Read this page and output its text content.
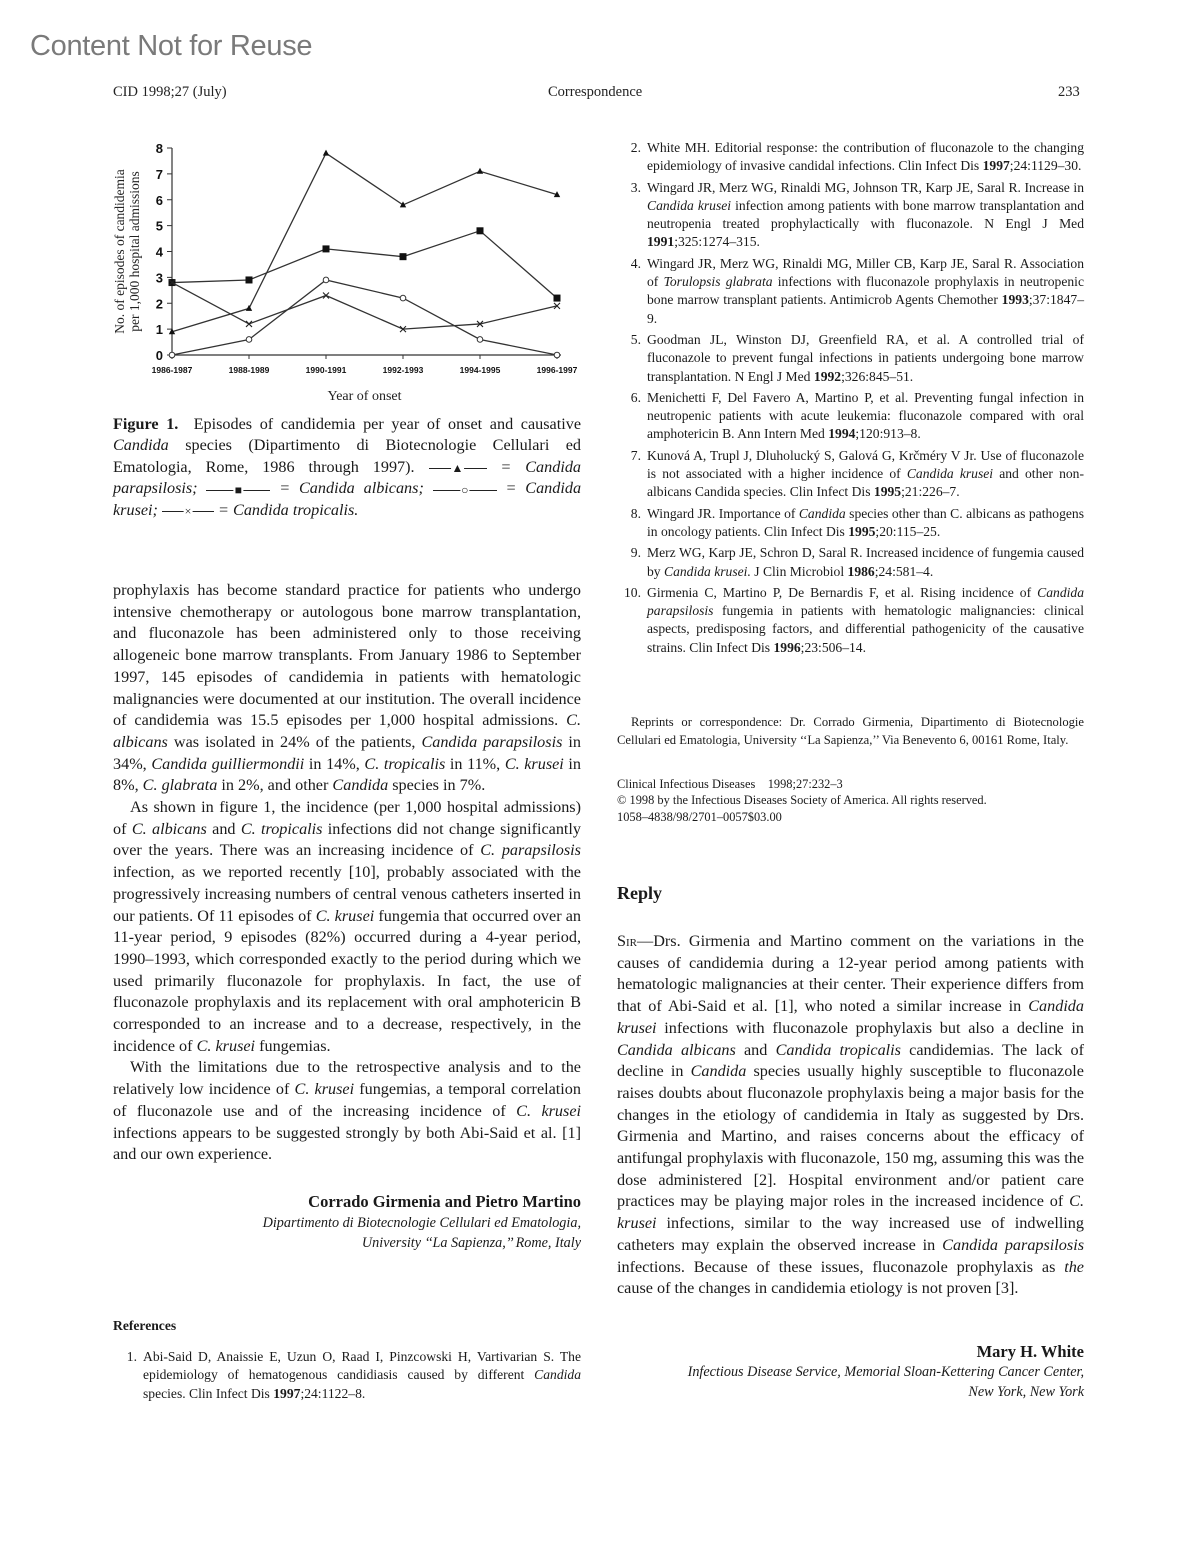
Content Not for Reuse
CID 1998;27 (July)	Correspondence	233
0
1
2
3
4
5
6
7
8
1986-1987	1988-1989	1990-1991	1992-1993	1994-1995	1996-1997
Year of onset
No. of episodes of candidemiaper 1,000 hospital admissions
Figure 1. Episodes of candidemia per year of onset and causative Candida species (Dipartimento di Biotecnologie Cellulari ed Ematologia, Rome, 1986 through 1997).	▲ = Candida parapsilosis;	■ = Candida albicans;	○ = Candida krusei; × = Candida tropicalis.

prophylaxis has become standard practice for patients who undergo intensive chemotherapy or autologous bone marrow transplantation, and fluconazole has been administered only to those receiving allogeneic bone marrow transplants. From January 1986 to September 1997, 145 episodes of candidemia in patients with hematologic malignancies were documented at our institution. The overall incidence of candidemia was 15.5 episodes per 1,000 hospital admissions. C. albicans was isolated in 24% of the patients, Candida parapsilosis in 34%, Candida guilliermondii in 14%, C. tropicalis in 11%, C. krusei in 8%, C. glabrata in 2%, and other Candida species in 7%.

As shown in figure 1, the incidence (per 1,000 hospital admissions) of C. albicans and C. tropicalis infections did not change significantly over the years. There was an increasing incidence of C. parapsilosis infection, as we reported recently [10], probably associated with the progressively increasing numbers of central venous catheters inserted in our patients. Of 11 episodes of C. krusei fungemia that occurred over an 11-year period, 9 episodes (82%) occurred during a 4-year period, 1990–1993, which corresponded exactly to the period during which we used primarily fluconazole for prophylaxis. In fact, the use of fluconazole prophylaxis and its replacement with oral amphotericin B corresponded to an increase and to a decrease, respectively, in the incidence of C. krusei fungemias.

With the limitations due to the retrospective analysis and to the relatively low incidence of C. krusei fungemias, a temporal correlation of fluconazole use and of the increasing incidence of C. krusei infections appears to be suggested strongly by both Abi-Said et al. [1] and our own experience.

Corrado Girmenia and Pietro Martino
Dipartimento di Biotecnologie Cellulari ed Ematologia,
University ‘‘La Sapienza,’’ Rome, Italy
References
1. Abi-Said D, Anaissie E, Uzun O, Raad I, Pinzcowski H, Vartivarian S. The epidemiology of hematogenous candidiasis caused by different Candida species. Clin Infect Dis 1997;24:1122–8.
2. White MH. Editorial response: the contribution of fluconazole to the changing epidemiology of invasive candidal infections. Clin Infect Dis 1997;24:1129–30.
3. Wingard JR, Merz WG, Rinaldi MG, Johnson TR, Karp JE, Saral R. Increase in Candida krusei infection among patients with bone marrow transplantation and neutropenia treated prophylactically with fluconazole. N Engl J Med 1991;325:1274–315.
4. Wingard JR, Merz WG, Rinaldi MG, Miller CB, Karp JE, Saral R. Association of Torulopsis glabrata infections with fluconazole prophylaxis in neutropenic bone marrow transplant patients. Antimicrob Agents Chemother 1993;37:1847–9.
5. Goodman JL, Winston DJ, Greenfield RA, et al. A controlled trial of fluconazole to prevent fungal infections in patients undergoing bone marrow transplantation. N Engl J Med 1992;326:845–51.
6. Menichetti F, Del Favero A, Martino P, et al. Preventing fungal infection in neutropenic patients with acute leukemia: fluconazole compared with oral amphotericin B. Ann Intern Med 1994;120:913–8.
7. Kunová A, Trupl J, Dluholucký S, Galová G, Krčméry V Jr. Use of fluconazole is not associated with a higher incidence of Candida krusei and other non-albicans Candida species. Clin Infect Dis 1995;21:226–7.
8. Wingard JR. Importance of Candida species other than C. albicans as pathogens in oncology patients. Clin Infect Dis 1995;20:115–25.
9. Merz WG, Karp JE, Schron D, Saral R. Increased incidence of fungemia caused by Candida krusei. J Clin Microbiol 1986;24:581–4.
10. Girmenia C, Martino P, De Bernardis F, et al. Rising incidence of Candida parapsilosis fungemia in patients with hematologic malignancies: clinical aspects, predisposing factors, and differential pathogenicity of the causative strains. Clin Infect Dis 1996;23:506–14.
Reprints or correspondence: Dr. Corrado Girmenia, Dipartimento di Biotecnologie Cellulari ed Ematologia, University ‘‘La Sapienza,’’ Via Benevento 6, 00161 Rome, Italy.
Clinical Infectious Diseases    1998;27:232–3
© 1998 by the Infectious Diseases Society of America. All rights reserved.
1058–4838/98/2701–0057$03.00
Reply

Sir—Drs. Girmenia and Martino comment on the variations in the causes of candidemia during a 12-year period among patients with hematologic malignancies at their center. Their experience differs from that of Abi-Said et al. [1], who noted a similar increase in Candida krusei infections with fluconazole prophylaxis but also a decline in Candida albicans and Candida tropicalis candidemias. The lack of decline in Candida species usually highly susceptible to fluconazole raises doubts about fluconazole prophylaxis being a major basis for the changes in the etiology of candidemia in Italy as suggested by Drs. Girmenia and Martino, and raises concerns about the efficacy of antifungal prophylaxis with fluconazole, 150 mg, assuming this was the dose administered [2]. Hospital environment and/or patient care practices may be playing major roles in the increased incidence of C. krusei infections, similar to the way increased use of indwelling catheters may explain the observed increase in Candida parapsilosis infections. Because of these issues, fluconazole prophylaxis as the cause of the changes in candidemia etiology is not proven [3].

Mary H. White
Infectious Disease Service, Memorial Sloan-Kettering Cancer Center,
New York, New York
